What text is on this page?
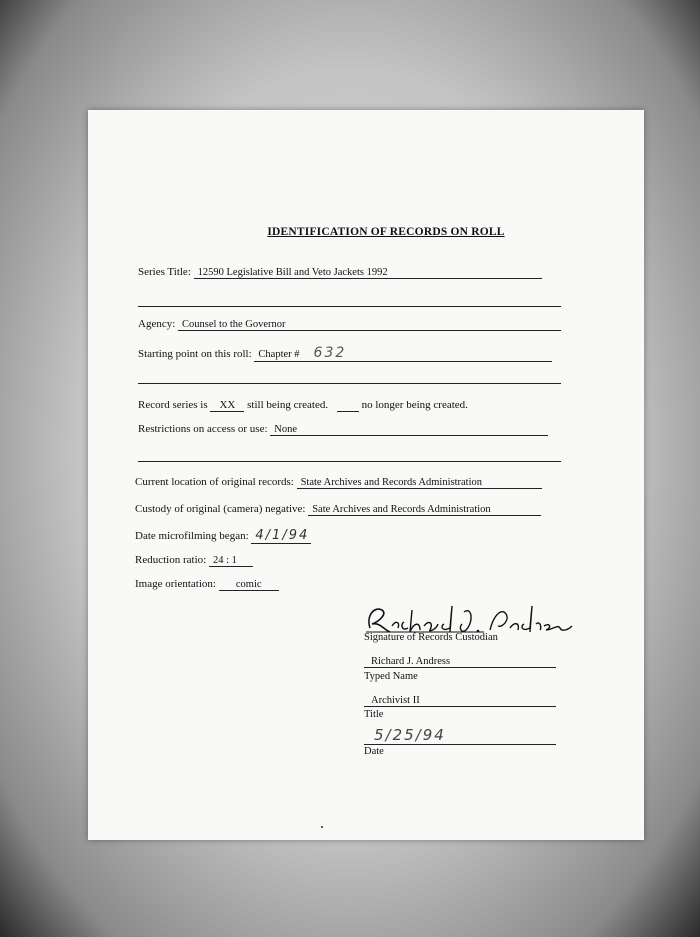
IDENTIFICATION OF RECORDS ON ROLL
Series Title: 12590 Legislative Bill and Veto Jackets 1992
Agency: Counsel to the Governor
Starting point on this roll: Chapter # 632
Record series is XX still being created.	no longer being created.
Restrictions on access or use: None
Current location of original records: State Archives and Records Administration
Custody of original (camera) negative: Sate Archives and Records Administration
Date microfilming began: 4/1/94
Reduction ratio: 24 : 1
Image orientation: comic
Signature of Records Custodian
Richard J. Andress
Typed Name
Archivist II
Title
5/25/94
Date
